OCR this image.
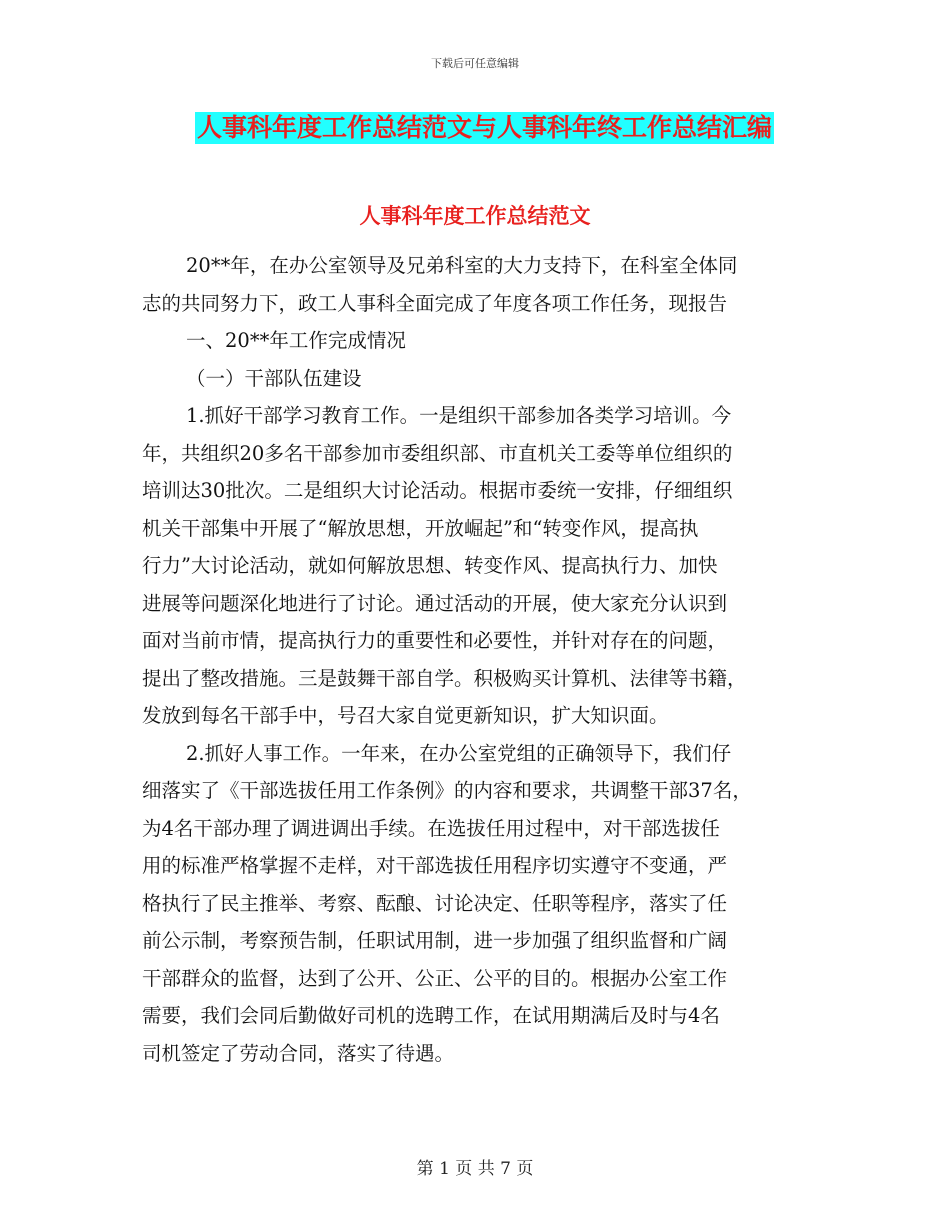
下载后可任意编辑
人事科年度工作总结范文与人事科年终工作总结汇编
人事科年度工作总结范文
20**年，在办公室领导及兄弟科室的大力支持下，在科室全体同
志的共同努力下，政工人事科全面完成了年度各项工作任务，现报告
一、20**年工作完成情况
（一）干部队伍建设
1.抓好干部学习教育工作。一是组织干部参加各类学习培训。今
年，共组织20多名干部参加市委组织部、市直机关工委等单位组织的
培训达30批次。二是组织大讨论活动。根据市委统一安排，仔细组织
机关干部集中开展了“解放思想，开放崛起”和“转变作风，提高执
行力”大讨论活动，就如何解放思想、转变作风、提高执行力、加快
进展等问题深化地进行了讨论。通过活动的开展，使大家充分认识到
面对当前市情，提高执行力的重要性和必要性，并针对存在的问题，
提出了整改措施。三是鼓舞干部自学。积极购买计算机、法律等书籍，
发放到每名干部手中，号召大家自觉更新知识，扩大知识面。
2.抓好人事工作。一年来，在办公室党组的正确领导下，我们仔
细落实了《干部选拔任用工作条例》的内容和要求，共调整干部37名，
为4名干部办理了调进调出手续。在选拔任用过程中，对干部选拔任
用的标准严格掌握不走样，对干部选拔任用程序切实遵守不变通，严
格执行了民主推举、考察、酝酿、讨论决定、任职等程序，落实了任
前公示制，考察预告制，任职试用制，进一步加强了组织监督和广阔
干部群众的监督，达到了公开、公正、公平的目的。根据办公室工作
需要，我们会同后勤做好司机的选聘工作，在试用期满后及时与4名
司机签定了劳动合同，落实了待遇。
第 1 页 共 7 页
